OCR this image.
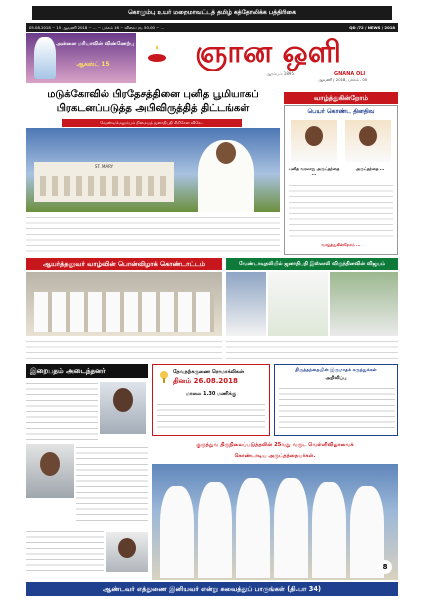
கொழும்பு உயர் மறைமாவட்டத் தமிழ் கத்தோலிக்க பத்திரிகை
05.08.2018 ~ 15 ஆவணி 2018 ~ ... ~ பக்கம் 16 ~ விலை: ரூ. 50.00 ~ ...	QD /72 / NEWS / 2018
அன்னை மரியாவின் விண்ணேற்பு
ஆகஸ்ட் 15	ஞான ஒளி
GNANA OLI
ஆரம்பம் 1895
ஆவணி | 2018, பக்கம் - 05
மடுக்கோவில் பிரதேசத்தினை புனித பூமியாகப்
பிரகடனப்படுத்த அபிவிருத்தித் திட்டங்கள்
வேண்டிமெலும்பும் நிமையத் ஜனாதிபதி சிறிசேன விசேட
ST. MARY
வாழ்த்துகின்றோம்
பெயர் கொண்ட தினதிவ
புனித வரலாறு அருட்தந்தை ...
அருட்தந்தை ...
வாழ்த்துகின்றோம் ...
ஆயர்த்தலுவர் வாழ்வின் பொன்விழாக் கொண்டாட்டம்	வேண்டாவுதலியில் ஜனாதிபதி இஸ்ஸலி விருந்தினவின் விஜயம்
இறைபதம் அடைந்தனர்	தேவநற்கருணை ரொமாக்லிகன்
தினம் 26.08.2018
மாலை 1.30 மணிக்கு
திருத்தந்தையின் இருமாதக் கருத்துக்கள்
அறிவிப்பு
குருத்துவ திருநிலைப்படுத்தலின் 25வது வருட வெள்ளிவிழாவைக்
கொண்டாடிய அருட்தந்தையர்கள்.
8
ஆண்டவர் எத்துணை இனியவர் என்று சுவைத்துப் பாருங்கள் (தி.பா 34)
